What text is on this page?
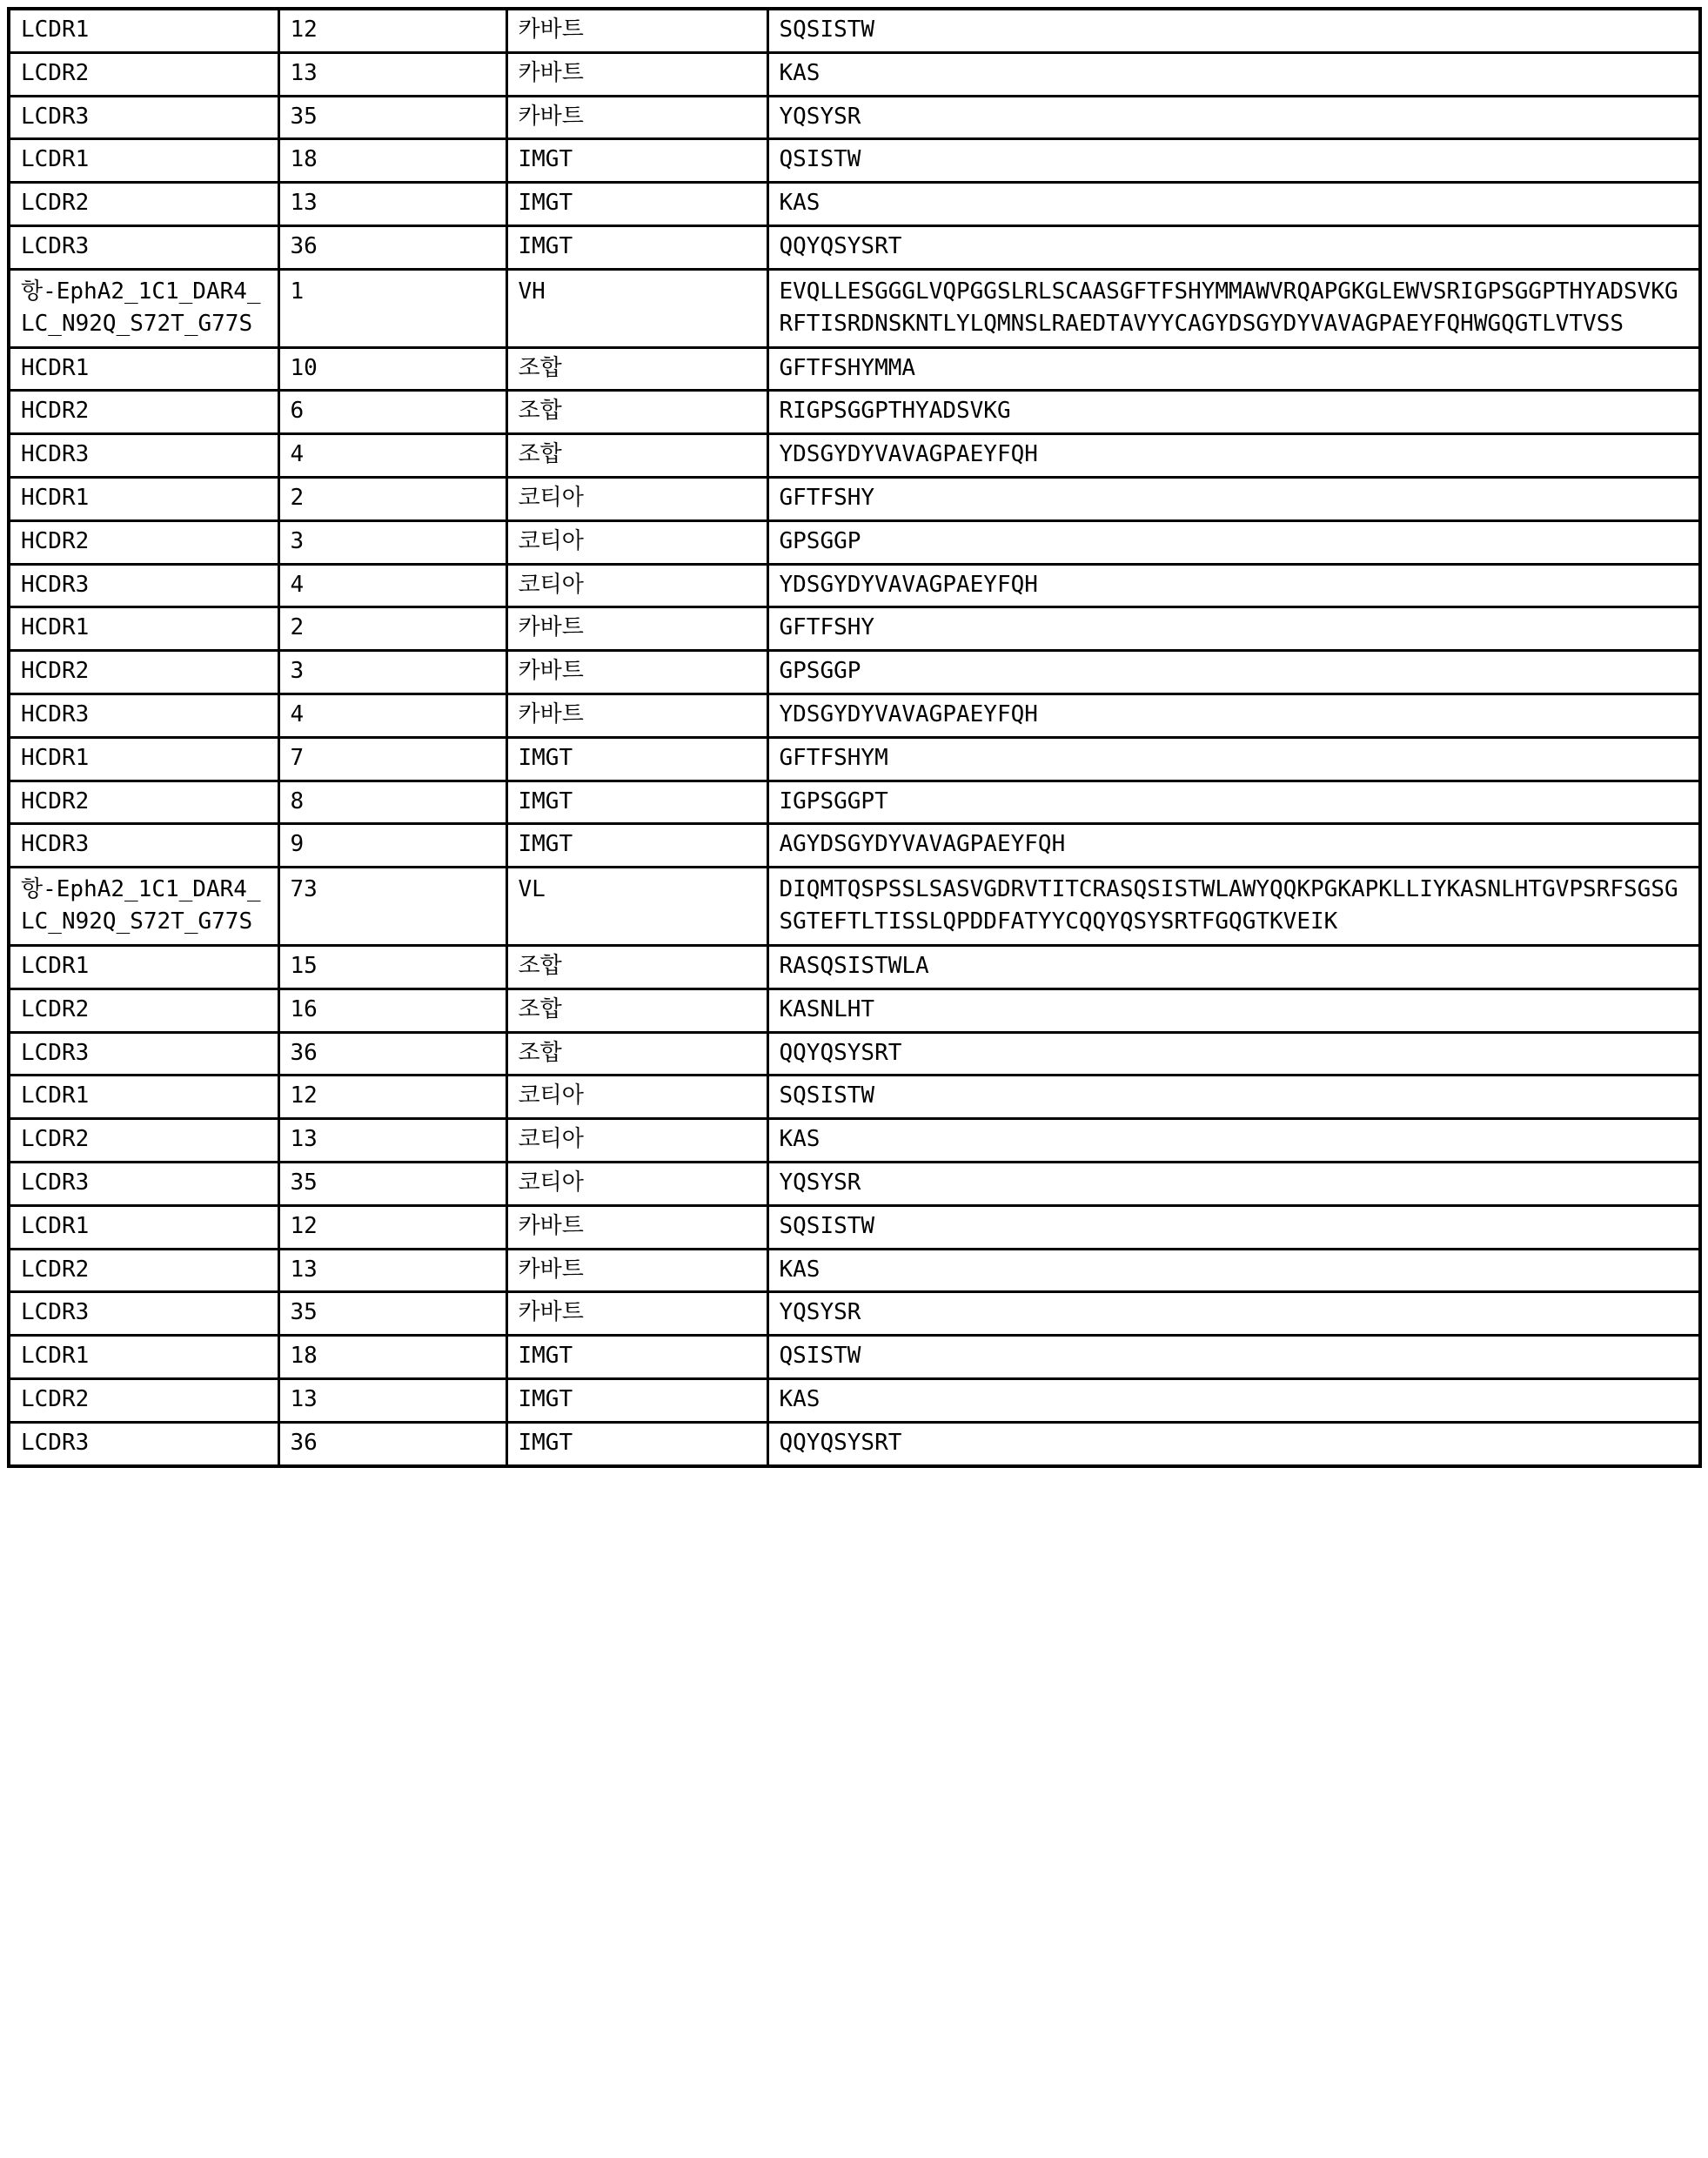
LCDR1	12	카바트	SQSISTW
LCDR2	13	카바트	KAS
LCDR3	35	카바트	YQSYSR
LCDR1	18	IMGT	QSISTW
LCDR2	13	IMGT	KAS
LCDR3	36	IMGT	QQYQSYSRT
항-EphA2_1C1_DAR4_LC_N92Q_S72T_G77S	1	VH	EVQLLESGGGLVQPGGSLRLSCAASGFTFSHYMMAWVRQAPGKGLEWVSRIGPSGGPTHYADSVKGRFTISRDNSKNTLYLQMNSLRAEDTAVYYCAGYDSGYDYVAVAGPAEYFQHWGQGTLVTVSS
HCDR1	10	조합	GFTFSHYMMA
HCDR2	6	조합	RIGPSGGPTHYADSVKG
HCDR3	4	조합	YDSGYDYVAVAGPAEYFQH
HCDR1	2	코티아	GFTFSHY
HCDR2	3	코티아	GPSGGP
HCDR3	4	코티아	YDSGYDYVAVAGPAEYFQH
HCDR1	2	카바트	GFTFSHY
HCDR2	3	카바트	GPSGGP
HCDR3	4	카바트	YDSGYDYVAVAGPAEYFQH
HCDR1	7	IMGT	GFTFSHYM
HCDR2	8	IMGT	IGPSGGPT
HCDR3	9	IMGT	AGYDSGYDYVAVAGPAEYFQH
항-EphA2_1C1_DAR4_LC_N92Q_S72T_G77S	73	VL	DIQMTQSPSSLSASVGDRVTITCRASQSISTWLAWYQQKPGKAPKLLIYKASNLHTGVPSRFSGSGSGTEFTLTISSLQPDDFATYYCQQYQSYSRTFGQGTKVEIK
LCDR1	15	조합	RASQSISTWLA
LCDR2	16	조합	KASNLHT
LCDR3	36	조합	QQYQSYSRT
LCDR1	12	코티아	SQSISTW
LCDR2	13	코티아	KAS
LCDR3	35	코티아	YQSYSR
LCDR1	12	카바트	SQSISTW
LCDR2	13	카바트	KAS
LCDR3	35	카바트	YQSYSR
LCDR1	18	IMGT	QSISTW
LCDR2	13	IMGT	KAS
LCDR3	36	IMGT	QQYQSYSRT
